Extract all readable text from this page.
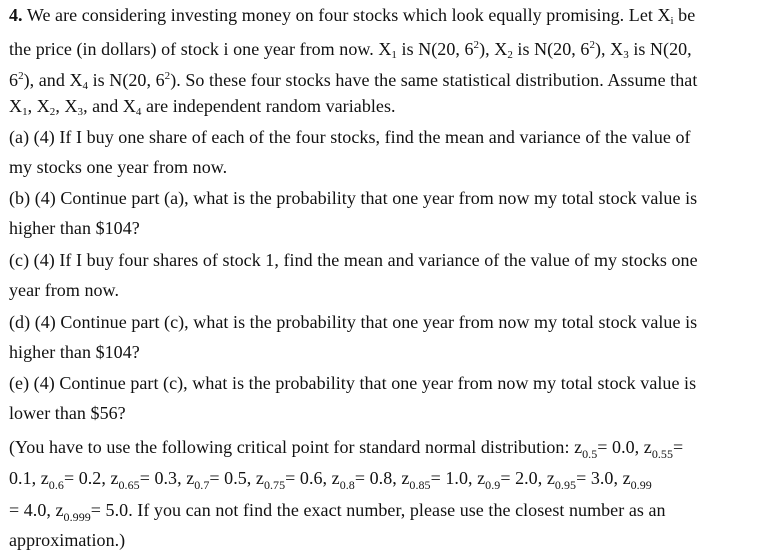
4. We are considering investing money on four stocks which look equally promising. Let $X_i$ be
the price (in dollars) of stock i one year from now. $X_1$ is N(20, $6^2$), $X_2$ is N(20, $6^2$), $X_3$ is N(20,
$6^2$), and $X_4$ is N(20, $6^2$). So these four stocks have the same statistical distribution. Assume that
$X_1$, $X_2$, $X_3$, and $X_4$ are independent random variables.
(a) (4) If I buy one share of each of the four stocks, find the mean and variance of the value of
my stocks one year from now.
(b) (4) Continue part (a), what is the probability that one year from now my total stock value is
higher than $104?
(c) (4) If I buy four shares of stock 1, find the mean and variance of the value of my stocks one
year from now.
(d) (4) Continue part (c), what is the probability that one year from now my total stock value is
higher than $104?
(e) (4) Continue part (c), what is the probability that one year from now my total stock value is
lower than $56?
(You have to use the following critical point for standard normal distribution: $z_{0.5}= 0.0$, $z_{0.55}=$
0.1, $z_{0.6}= 0.2$, $z_{0.65}= 0.3$, $z_{0.7}= 0.5$, $z_{0.75}= 0.6$, $z_{0.8}= 0.8$, $z_{0.85}= 1.0$, $z_{0.9}= 2.0$, $z_{0.95}= 3.0$, $z_{0.99}$
= 4.0, $z_{0.999}= 5.0$. If you can not find the exact number, please use the closest number as an
approximation.)
